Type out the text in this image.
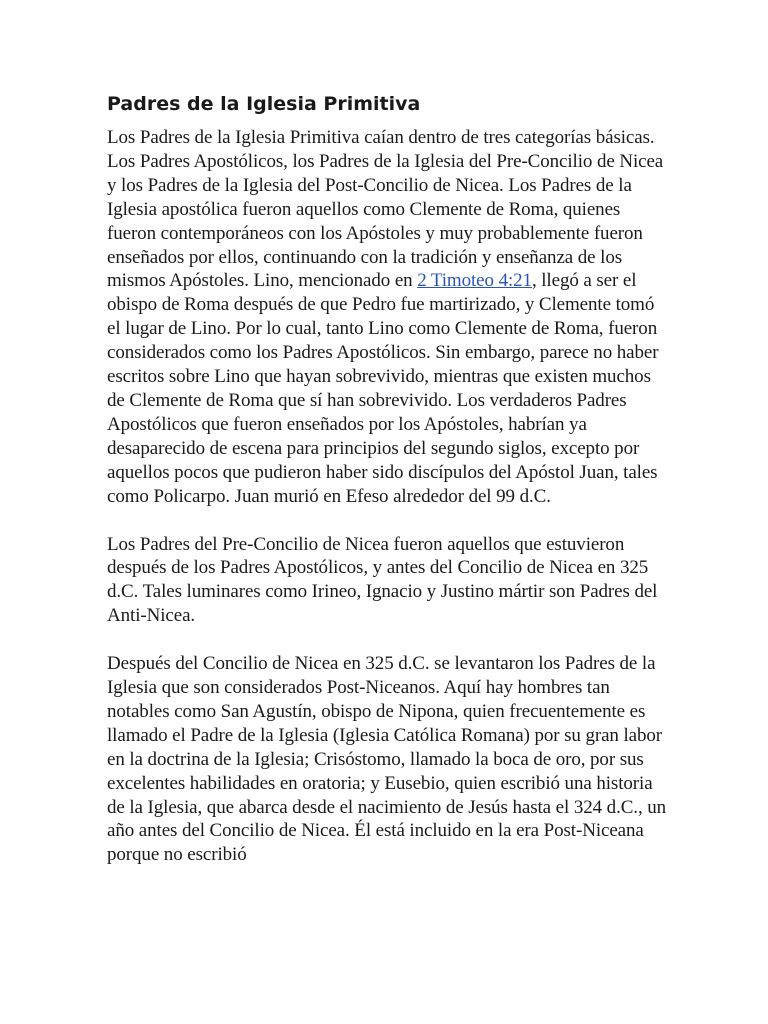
Padres de la Iglesia Primitiva

Los Padres de la Iglesia Primitiva caían dentro de tres categorías básicas. Los Padres Apostólicos, los Padres de la Iglesia del Pre-Concilio de Nicea y los Padres de la Iglesia del Post-Concilio de Nicea. Los Padres de la Iglesia apostólica fueron aquellos como Clemente de Roma, quienes fueron contemporáneos con los Apóstoles y muy probablemente fueron enseñados por ellos, continuando con la tradición y enseñanza de los mismos Apóstoles. Lino, mencionado en 2 Timoteo 4:21, llegó a ser el obispo de Roma después de que Pedro fue martirizado, y Clemente tomó el lugar de Lino. Por lo cual, tanto Lino como Clemente de Roma, fueron considerados como los Padres Apostólicos. Sin embargo, parece no haber escritos sobre Lino que hayan sobrevivido, mientras que existen muchos de Clemente de Roma que sí han sobrevivido. Los verdaderos Padres Apostólicos que fueron enseñados por los Apóstoles, habrían ya desaparecido de escena para principios del segundo siglos, excepto por aquellos pocos que pudieron haber sido discípulos del Apóstol Juan, tales como Policarpo. Juan murió en Efeso alrededor del 99 d.C.

Los Padres del Pre-Concilio de Nicea fueron aquellos que estuvieron después de los Padres Apostólicos, y antes del Concilio de Nicea en 325 d.C. Tales luminares como Irineo, Ignacio y Justino mártir son Padres del Anti-Nicea.

Después del Concilio de Nicea en 325 d.C. se levantaron los Padres de la Iglesia que son considerados Post-Niceanos. Aquí hay hombres tan notables como San Agustín, obispo de Nipona, quien frecuentemente es llamado el Padre de la Iglesia (Iglesia Católica Romana) por su gran labor en la doctrina de la Iglesia; Crisóstomo, llamado la boca de oro, por sus excelentes habilidades en oratoria; y Eusebio, quien escribió una historia de la Iglesia, que abarca desde el nacimiento de Jesús hasta el 324 d.C., un año antes del Concilio de Nicea. Él está incluido en la era Post-Niceana porque no escribió
